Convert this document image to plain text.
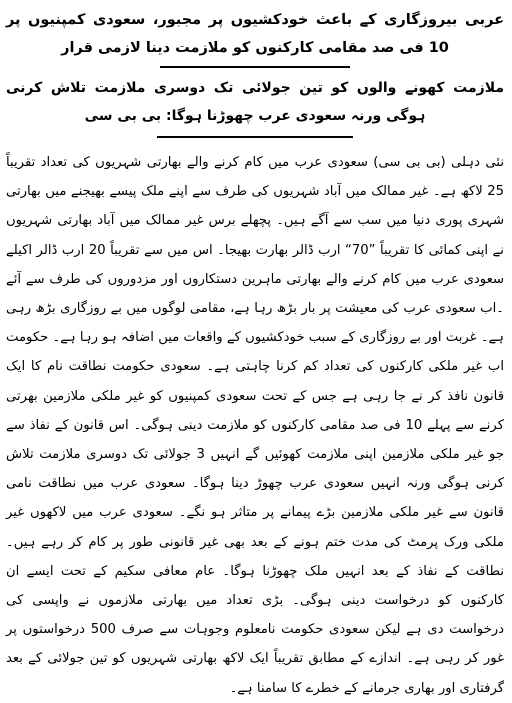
عربی بیروزگاری کے باعث خودکشیوں پر مجبور، سعودی کمپنیوں پر 10 فی صد مقامی کارکنوں کو ملازمت دینا لازمی قرار
ملازمت کھونے والوں کو تین جولائی تک دوسری ملازمت تلاش کرنی ہوگی ورنہ سعودی عرب چھوڑنا ہوگا: بی بی سی

نئی دہلی (بی بی سی) سعودی عرب میں کام کرنے والے بھارتی شہریوں کی تعداد تقریباً 25 لاکھ ہے۔ غیر ممالک میں آباد شہریوں کی طرف سے اپنے ملک پیسے بھیجنے میں بھارتی شہری پوری دنیا میں سب سے آگے ہیں۔ پچھلے برس غیر ممالک میں آباد بھارتی شہریوں نے اپنی کمائی کا تقریباً ”70“ ارب ڈالر بھارت بھیجا۔ اس میں سے تقریباً 20 ارب ڈالر اکیلے سعودی عرب میں کام کرنے والے بھارتی ماہرین دستکاروں اور مزدوروں کی طرف سے آئے ۔اب سعودی عرب کی معیشت پر بار بڑھ رہا ہے، مقامی لوگوں میں بے روزگاری بڑھ رہی ہے۔ غربت اور بے روزگاری کے سبب خودکشیوں کے واقعات میں اضافہ ہو رہا ہے۔ حکومت اب غیر ملکی کارکنوں کی تعداد کم کرنا چاہتی ہے۔ سعودی حکومت نطاقت نام کا ایک قانون نافذ کر نے جا رہی ہے جس کے تحت سعودی کمپنیوں کو غیر ملکی ملازمین بھرتی کرنے سے پہلے 10 فی صد مقامی کارکنوں کو ملازمت دینی ہوگی۔ اس قانون کے نفاذ سے جو غیر ملکی ملازمین اپنی ملازمت کھوئیں گے انہیں 3 جولائی تک دوسری ملازمت تلاش کرنی ہوگی ورنہ انہیں سعودی عرب چھوڑ دینا ہوگا۔ سعودی عرب میں نطاقت نامی قانون سے غیر ملکی ملازمین بڑے پیمانے پر متاثر ہو نگے۔ سعودی عرب میں لاکھوں غیر ملکی ورک پرمٹ کی مدت ختم ہونے کے بعد بھی غیر قانونی طور پر کام کر رہے ہیں۔ نطاقت کے نفاذ کے بعد انہیں ملک چھوڑنا ہوگا۔ عام معافی سکیم کے تحت ایسے ان کارکنوں کو درخواست دینی ہوگی۔ بڑی تعداد میں بھارتی ملازموں نے واپسی کی درخواست دی ہے لیکن سعودی حکومت نامعلوم وجوہات سے صرف 500 درخواستوں پر غور کر رہی ہے۔ اندازے کے مطابق تقریباً ایک لاکھ بھارتی شہریوں کو تین جولائی کے بعد گرفتاری اور بھاری جرمانے کے خطرے کا سامنا ہے۔
